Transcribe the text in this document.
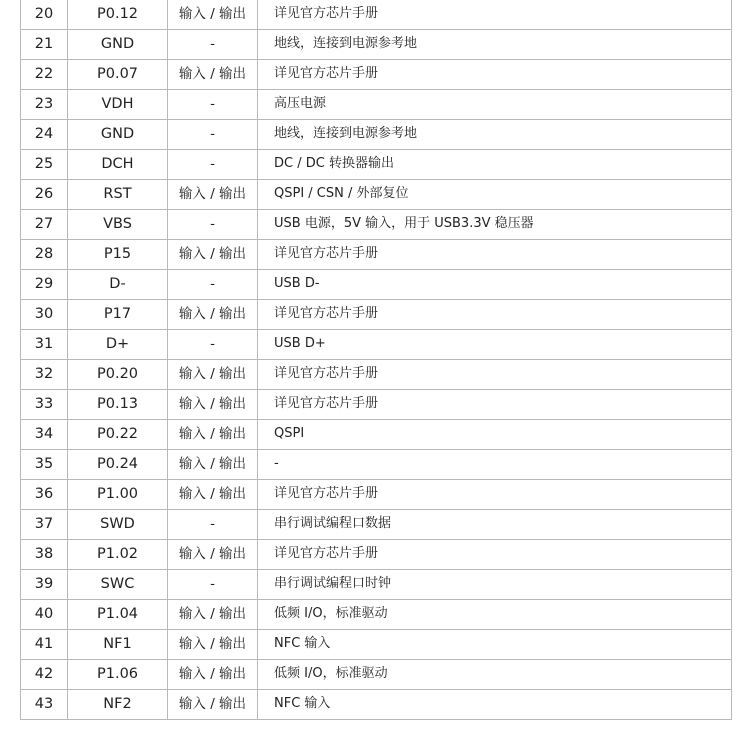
20	P0.12	输入 / 输出	详见官方芯片手册
21	GND	-	地线，连接到电源参考地
22	P0.07	输入 / 输出	详见官方芯片手册
23	VDH	-	高压电源
24	GND	-	地线，连接到电源参考地
25	DCH	-	DC / DC 转换器输出
26	RST	输入 / 输出	QSPI / CSN / 外部复位
27	VBS	-	USB 电源，5V 输入，用于 USB3.3V 稳压器
28	P15	输入 / 输出	详见官方芯片手册
29	D-	-	USB D-
30	P17	输入 / 输出	详见官方芯片手册
31	D+	-	USB D+
32	P0.20	输入 / 输出	详见官方芯片手册
33	P0.13	输入 / 输出	详见官方芯片手册
34	P0.22	输入 / 输出	QSPI
35	P0.24	输入 / 输出	-
36	P1.00	输入 / 输出	详见官方芯片手册
37	SWD	-	串行调试编程口数据
38	P1.02	输入 / 输出	详见官方芯片手册
39	SWC	-	串行调试编程口时钟
40	P1.04	输入 / 输出	低频 I/O，标准驱动
41	NF1	输入 / 输出	NFC 输入
42	P1.06	输入 / 输出	低频 I/O，标准驱动
43	NF2	输入 / 输出	NFC 输入
